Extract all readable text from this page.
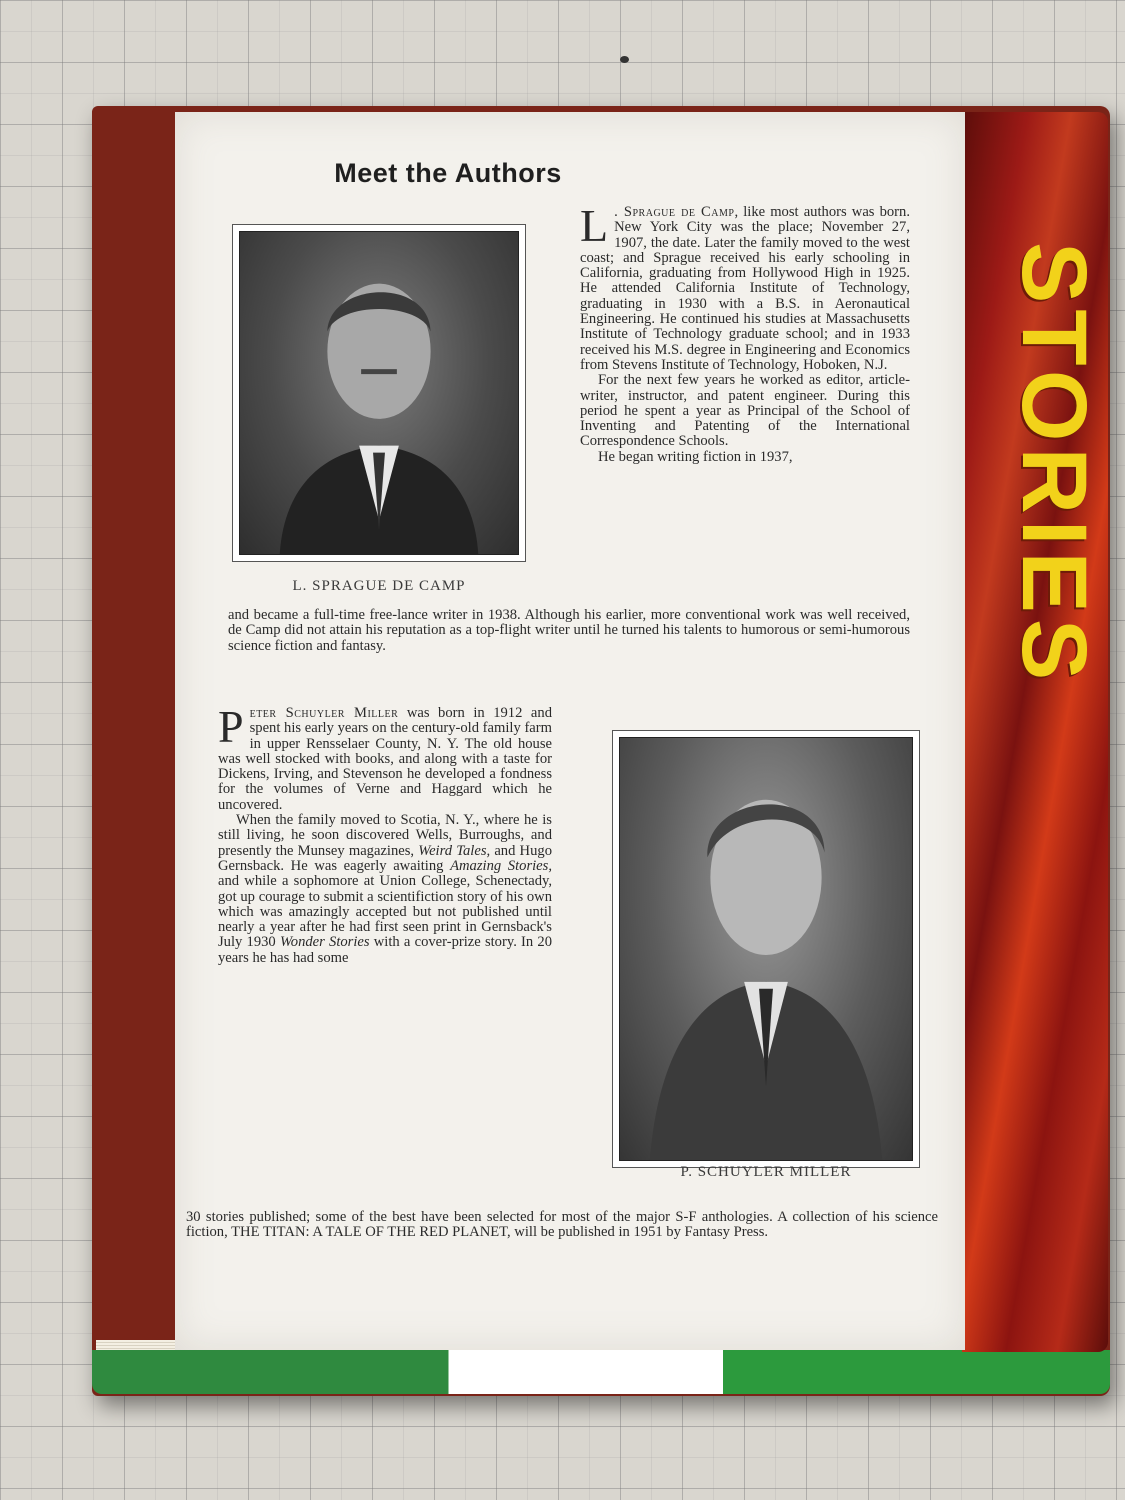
STORIES
Meet the Authors
L. SPRAGUE DE CAMP
P. SCHUYLER MILLER

L . Sprague de Camp, like most authors was born. New York City was the place; November 27, 1907, the date. Later the family moved to the west coast; and Sprague received his early schooling in California, graduating from Hollywood High in 1925. He attended California Institute of Technology, graduating in 1930 with a B.S. in Aeronautical Engineering. He continued his studies at Massachusetts Institute of Technology graduate school; and in 1933 received his M.S. degree in Engineering and Economics from Stevens Institute of Technology, Hoboken, N.J.

For the next few years he worked as editor, article-writer, instructor, and patent engineer. During this period he spent a year as Principal of the School of Inventing and Patenting of the International Correspondence Schools.

He began writing fiction in 1937,

and became a full-time free-lance writer in 1938. Although his earlier, more conventional work was well received, de Camp did not attain his reputation as a top-flight writer until he turned his talents to humorous or semi-humorous science fiction and fantasy.

Peter Schuyler Miller was born in 1912 and spent his early years on the century-old family farm in upper Rensselaer County, N. Y. The old house was well stocked with books, and along with a taste for Dickens, Irving, and Stevenson he developed a fondness for the volumes of Verne and Haggard which he uncovered.

When the family moved to Scotia, N. Y., where he is still living, he soon discovered Wells, Burroughs, and presently the Munsey magazines, Weird Tales, and Hugo Gernsback. He was eagerly awaiting Amazing Stories, and while a sophomore at Union College, Schenectady, got up courage to submit a scientifiction story of his own which was amazingly accepted but not published until nearly a year after he had first seen print in Gernsback's July 1930 Wonder Stories with a cover-prize story. In 20 years he has had some

30 stories published; some of the best have been selected for most of the major S-F anthologies. A collection of his science fiction, THE TITAN: A TALE OF THE RED PLANET, will be published in 1951 by Fantasy Press.
